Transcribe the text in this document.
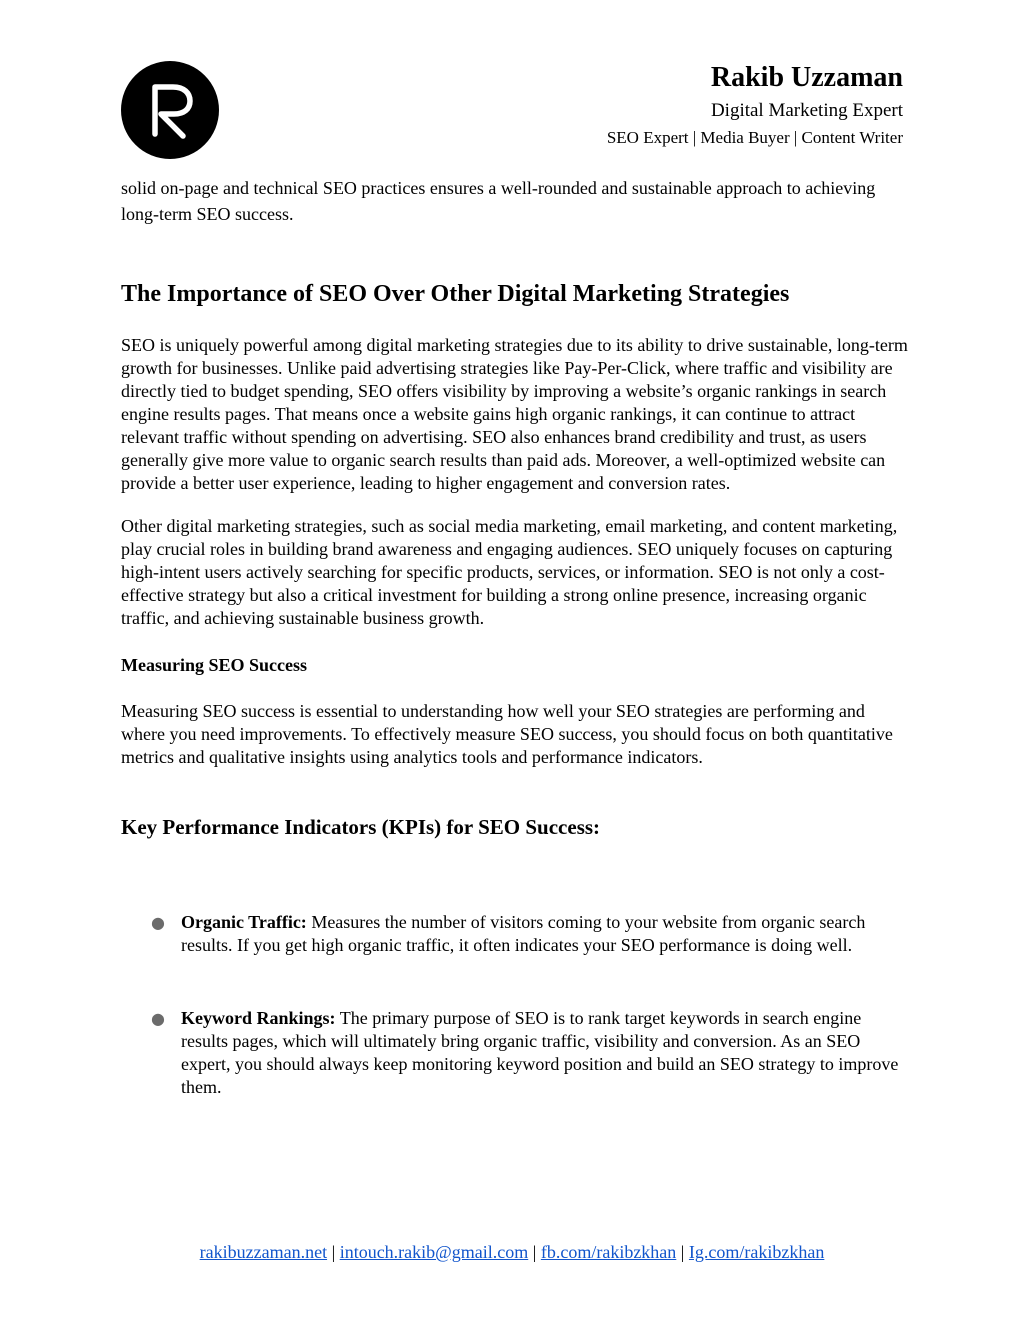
Rakib Uzzaman
Digital Marketing Expert
SEO Expert | Media Buyer | Content Writer

solid on-page and technical SEO practices ensures a well-rounded and sustainable approach to achieving long-term SEO success.

The Importance of SEO Over Other Digital Marketing Strategies

SEO is uniquely powerful among digital marketing strategies due to its ability to drive sustainable, long-term growth for businesses. Unlike paid advertising strategies like Pay-Per-Click, where traffic and visibility are directly tied to budget spending, SEO offers visibility by improving a website’s organic rankings in search engine results pages. That means once a website gains high organic rankings, it can continue to attract relevant traffic without spending on advertising. SEO also enhances brand credibility and trust, as users generally give more value to organic search results than paid ads. Moreover, a well-optimized website can provide a better user experience, leading to higher engagement and conversion rates.

Other digital marketing strategies, such as social media marketing, email marketing, and content marketing, play crucial roles in building brand awareness and engaging audiences. SEO uniquely focuses on capturing high-intent users actively searching for specific products, services, or information. SEO is not only a cost-effective strategy but also a critical investment for building a strong online presence, increasing organic traffic, and achieving sustainable business growth.

Measuring SEO Success

Measuring SEO success is essential to understanding how well your SEO strategies are performing and where you need improvements. To effectively measure SEO success, you should focus on both quantitative metrics and qualitative insights using analytics tools and performance indicators.

Key Performance Indicators (KPIs) for SEO Success:
● Organic Traffic: Measures the number of visitors coming to your website from organic search results. If you get high organic traffic, it often indicates your SEO performance is doing well.
● Keyword Rankings: The primary purpose of SEO is to rank target keywords in search engine results pages, which will ultimately bring organic traffic, visibility and conversion. As an SEO expert, you should always keep monitoring keyword position and build an SEO strategy to improve them.
rakibuzzaman.net | intouch.rakib@gmail.com | fb.com/rakibzkhan | Ig.com/rakibzkhan
